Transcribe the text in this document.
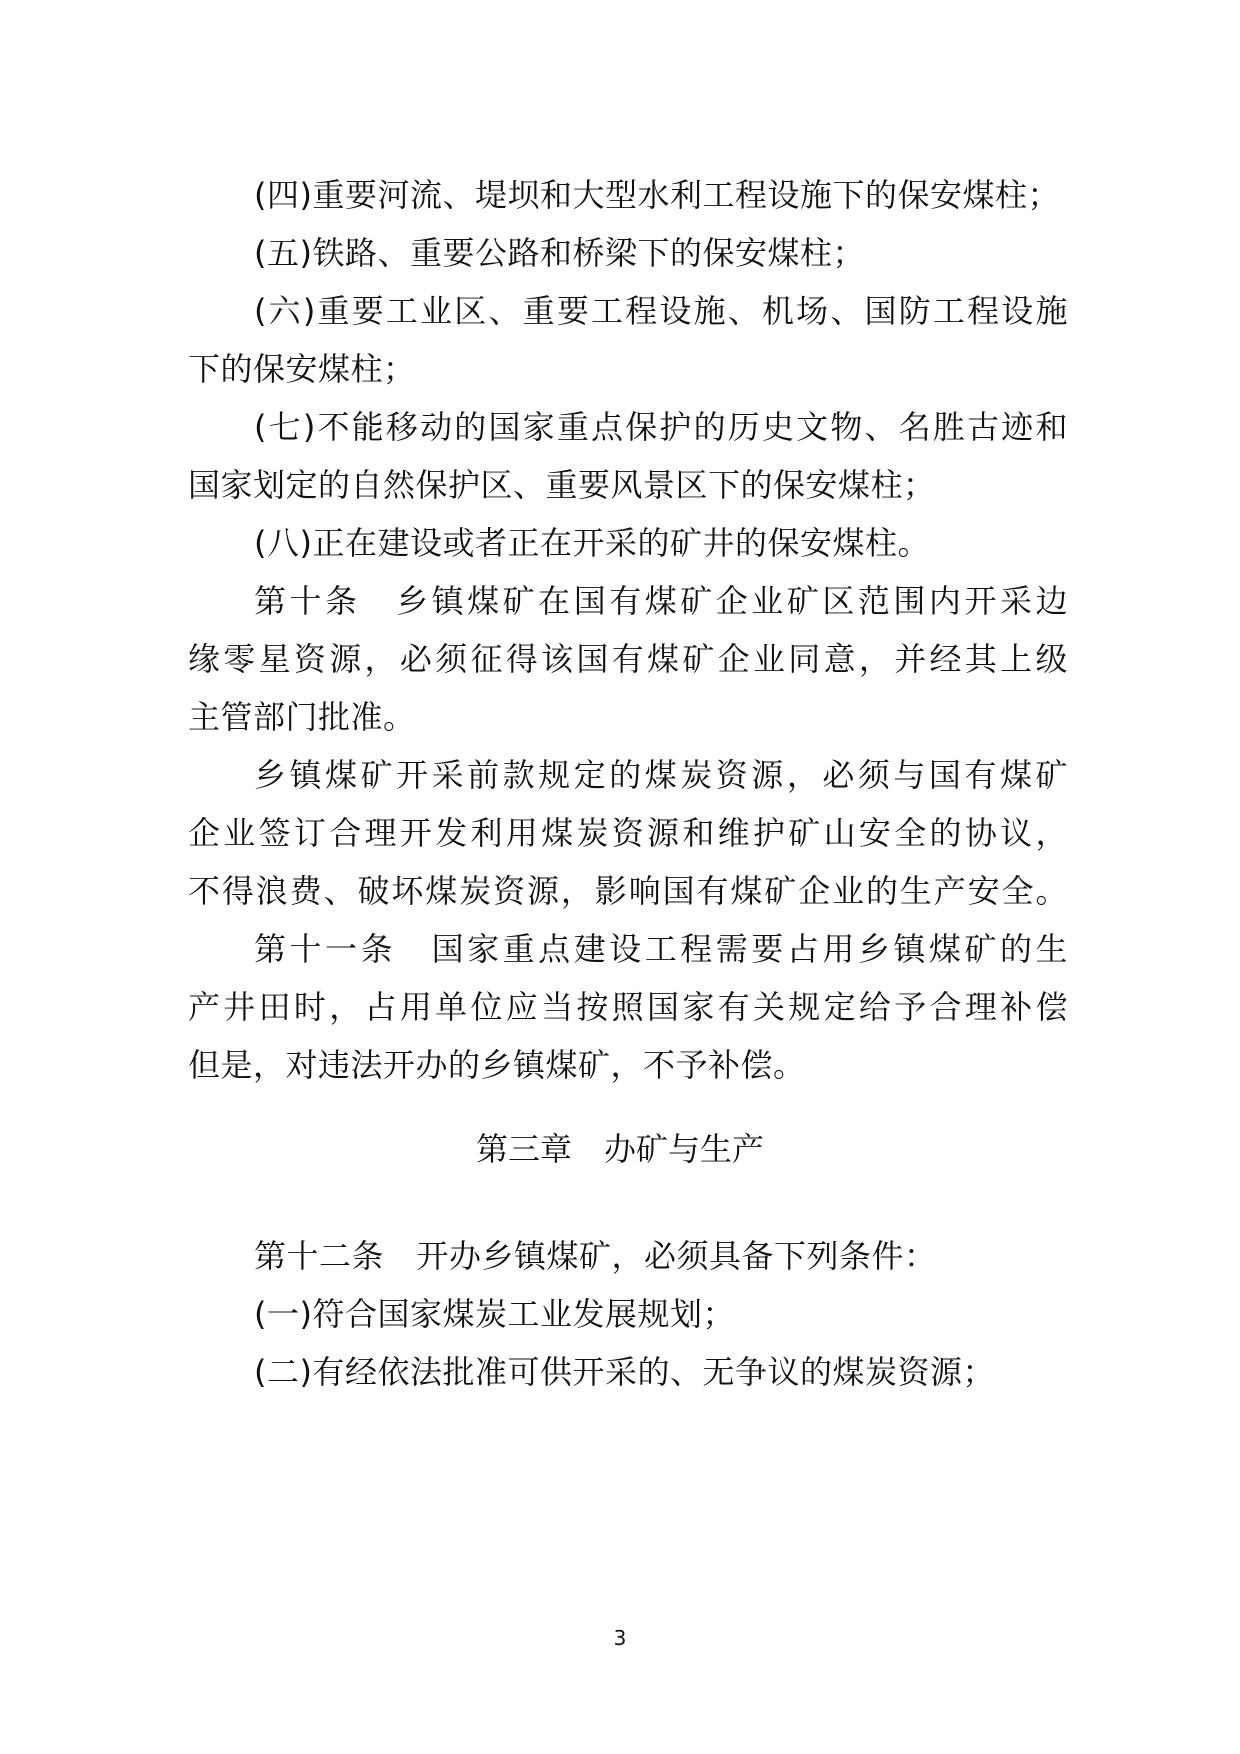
(四)重要河流、堤坝和大型水利工程设施下的保安煤柱；
(五)铁路、重要公路和桥梁下的保安煤柱；
(六)重要工业区、重要工程设施、机场、国防工程设施
下的保安煤柱；
(七)不能移动的国家重点保护的历史文物、名胜古迹和
国家划定的自然保护区、重要风景区下的保安煤柱；
(八)正在建设或者正在开采的矿井的保安煤柱。
第十条　乡镇煤矿在国有煤矿企业矿区范围内开采边
缘零星资源，必须征得该国有煤矿企业同意，并经其上级
主管部门批准。
乡镇煤矿开采前款规定的煤炭资源，必须与国有煤矿
企业签订合理开发利用煤炭资源和维护矿山安全的协议，
不得浪费、破坏煤炭资源，影响国有煤矿企业的生产安全。
第十一条　国家重点建设工程需要占用乡镇煤矿的生
产井田时，占用单位应当按照国家有关规定给予合理补偿
但是，对违法开办的乡镇煤矿，不予补偿。
第三章　办矿与生产
第十二条　开办乡镇煤矿，必须具备下列条件：
(一)符合国家煤炭工业发展规划；
(二)有经依法批准可供开采的、无争议的煤炭资源；
3
